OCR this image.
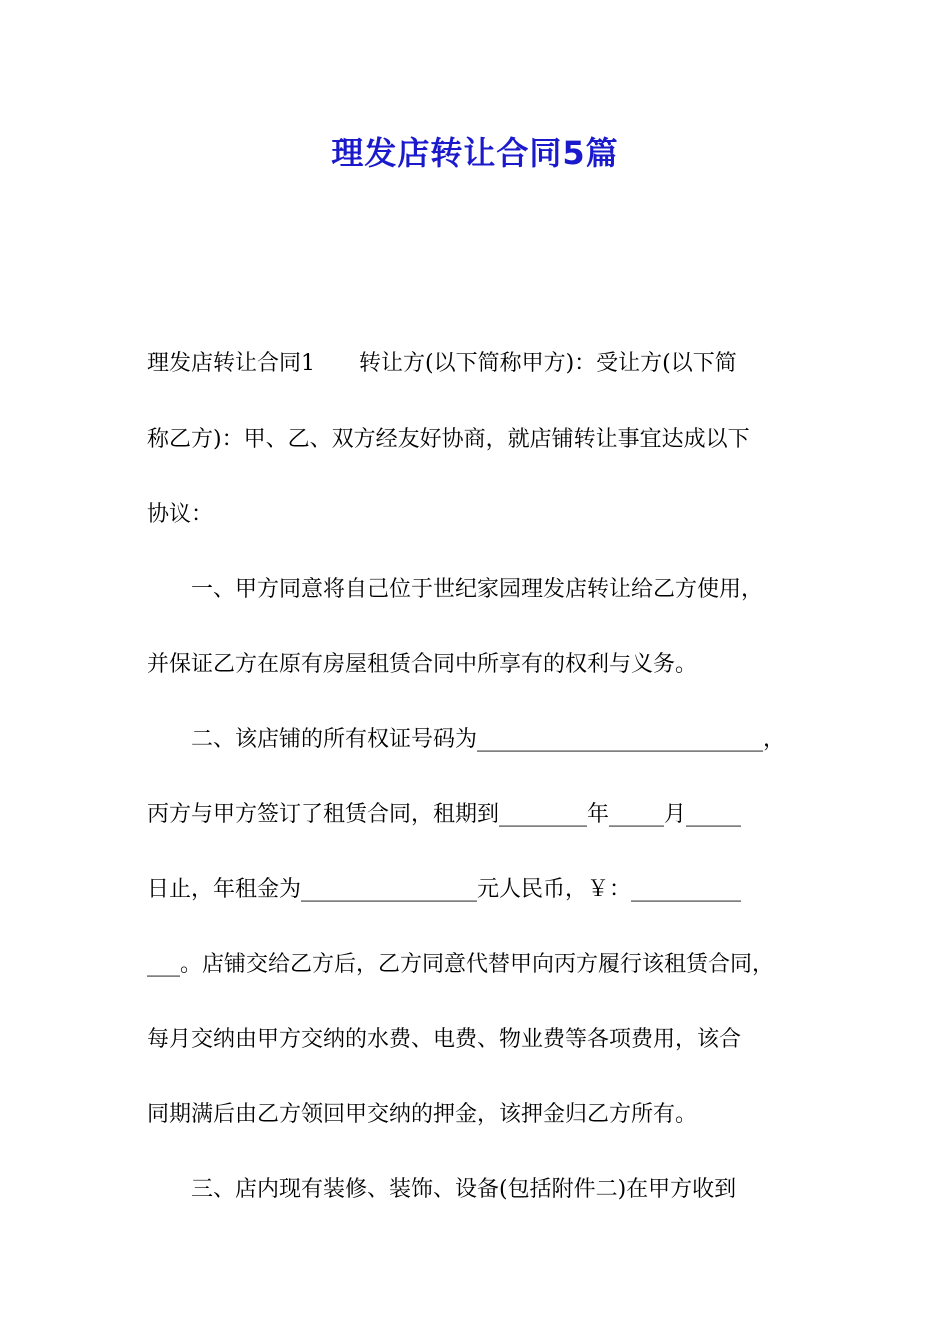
理发店转让合同5篇
理发店转让合同1 转让方(以下简称甲方)：受让方(以下简
称乙方)：甲、乙、双方经友好协商，就店铺转让事宜达成以下
协议：
一、甲方同意将自己位于世纪家园理发店转让给乙方使用，
并保证乙方在原有房屋租赁合同中所享有的权利与义务。
二、该店铺的所有权证号码为__________________________，
丙方与甲方签订了租赁合同，租期到________年_____月_____
日止，年租金为________________元人民币，￥：__________
___。店铺交给乙方后，乙方同意代替甲向丙方履行该租赁合同，
每月交纳由甲方交纳的水费、电费、物业费等各项费用，该合
同期满后由乙方领回甲交纳的押金，该押金归乙方所有。
三、店内现有装修、装饰、设备(包括附件二)在甲方收到
